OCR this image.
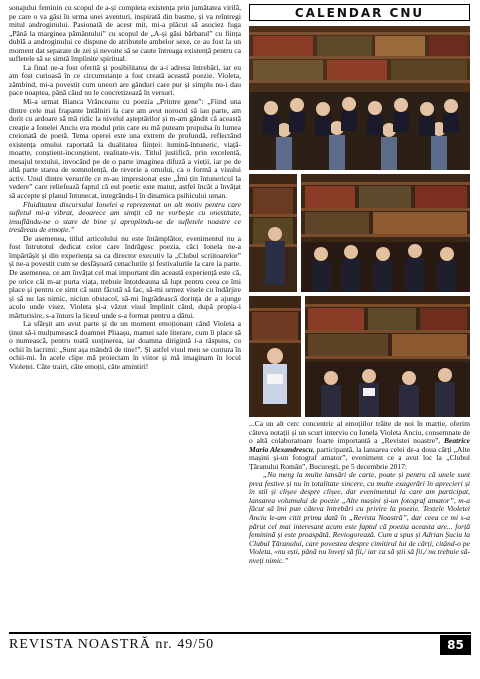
sonajului feminin cu scopul de a-și completa existența prin jumătatea virilă, pe care o va găsi în urma unei aventuri, inspirată din basme, și va reîntregi mitul androginului. Pasionată de acest mit, mi-a plăcut să asociez fuga „Până la marginea pământului” cu scopul de „A-și găsi bărbatul” cu ființa dublă a androginului ce dispune de atributele ambelor sexe, ce au fost la un moment dat separate de zei și nevoite să se caute întreaga existență pentru ca sufletele să se simtă împlinite spiritual.

La final ne-a fost oferită și posibilitatea de a-i adresa întrebări, iar eu am fost curioasă în ce circumstanțe a fost creată această poezie. Violeta, zâmbind, mi-a povestit cum uneori are gânduri care pur și simplu nu-i dau pace noaptea, până când nu le concretizează în versuri.

Mi-a urmat Bianca Vrânceanu cu poezia „Printre gene”: „Fiind una dintre cele mai frapante întâlniri la care am avut norocul să iau parte, am dorit cu ardoare să mă ridic la nivelul așteptărilor și m-am gândit că această creație a Ionelei Anciu era modul prin care eu mă puteam propulsa în lumea creionată de poetă. Tema operei este una extrem de profundă, reflectând existența omului raportată la dualitatea ființei: lumină-întuneric, viață-moarte, conștient-inconștient, realitate-vis. Titlul justifică, prin excelentă, mesajul textului, invocând pe de o parte imaginea difuză a vieții, iar pe de altă parte starea de somnolență, de reverie a omului, ca o formă a visului activ. Unul dintre versurile ce m-au impresionat este „Îmi țin întunericul la vedere” care reliefează faptul că eul poetic este matur, astfel încât a învățat să accepte și planul întunecat, integrându-l în dinamica psihicului uman.

Fluiditatea discursului Ionelei a reprezentat un alt motiv pentru care sufletul mi-a vibrat, deoarece am simțit că ne vorbește cu onestitate, insuflându-ne o stare de bine și apropiindu-se de sufletele noastre ce tresăreau de emoție.”

De asemenea, titlul articolului nu este întâmplător, evenimentul nu a fost întrutotul dedicat celor care îndrăgesc poezia, căci Ionela ne-a împărtășit și din experiența sa ca director executiv la „Clubul scriitoarelor” și ne-a povestit cum se desfășoară cenaclurile și festivalurile la care ia parte. De asemenea, ce am învățat cel mai important din această experiență este că, pe orice căi m-ar purta viața, trebuie întotdeauna să lupt pentru ceea ce îmi place și pentru ce simt că sunt făcută să fac, să-mi urmez visele cu îndârjire și să nu las nimic, niciun obstacol, să-mi îngrădească dorința de a ajunge acolo unde visez. Violeta și-a văzut visul împlinit când, după propia-i mărturisire, s-a întors la liceul unde s-a format pentru a dărui.

La sfârșit am avut parte și de un moment emoționant când Violeta a ținut să-i mulțumească doamnei Pliaașu, mamei sale literare, cum îi place să o numească, pentru toată susținerea, iar doamna dirigintă i-a răspuns, cu ochii în lacrimi: „Sunt așa mândră de tine!”. Și astfel visul meu se contura în ochii-mi. În acele clipe mă proiectam în viitor și mă imaginam în locul Violetei. Câte trairi, câte emoții, câte amintiri!

CALENDAR CNU

...Ca un alt cerc concentric al emoțiilor trăite de noi în martie, oferim câteva notații și un scurt interviu cu Ionela Violeta Anciu, consemnate de o altă colaboratoare foarte importantă a „Revistei noastre”, Beatrice Maria Alexandrescu, participantă, la lansarea celei de-a doua cărți „Alte mașini și-un fotograf amator”, eveniment ce a avut loc la „Clubul Țăranului Român”, București, pe 5 decembrie 2017:

„Nu merg la multe lansări de carte, poate și pentru că unele sunt prea festive și nu în totalitate sincere, cu multe exagerări în aprecieri și în stil și clișee despre clișee, dar evenimentul la care am participat, lansarea volumului de poezie „Alte mașini și-un fotograf amator”, m-a făcut să îmi pun câteva întrebări cu privire la poezie. Textele Violetei Anciu le-am citit prima dată în „Revista Noastră”, dar ceea ce mi s-a părut cel mai interesant acum este faptul că poezia aceasta are... forță feminină și este proaspătă. Reviogorează. Cum a spus și Adrian Șuciu la Clubul Țăranului, care povestea despre cimitirul lui de cărți, citând-o pe Violeta, «nu ești, până nu înveți să fii,/ iar ca să știi să fii,/ nu trebuie să-nveți nimic.”

REVISTA NOASTRĂ nr. 49/50	85
